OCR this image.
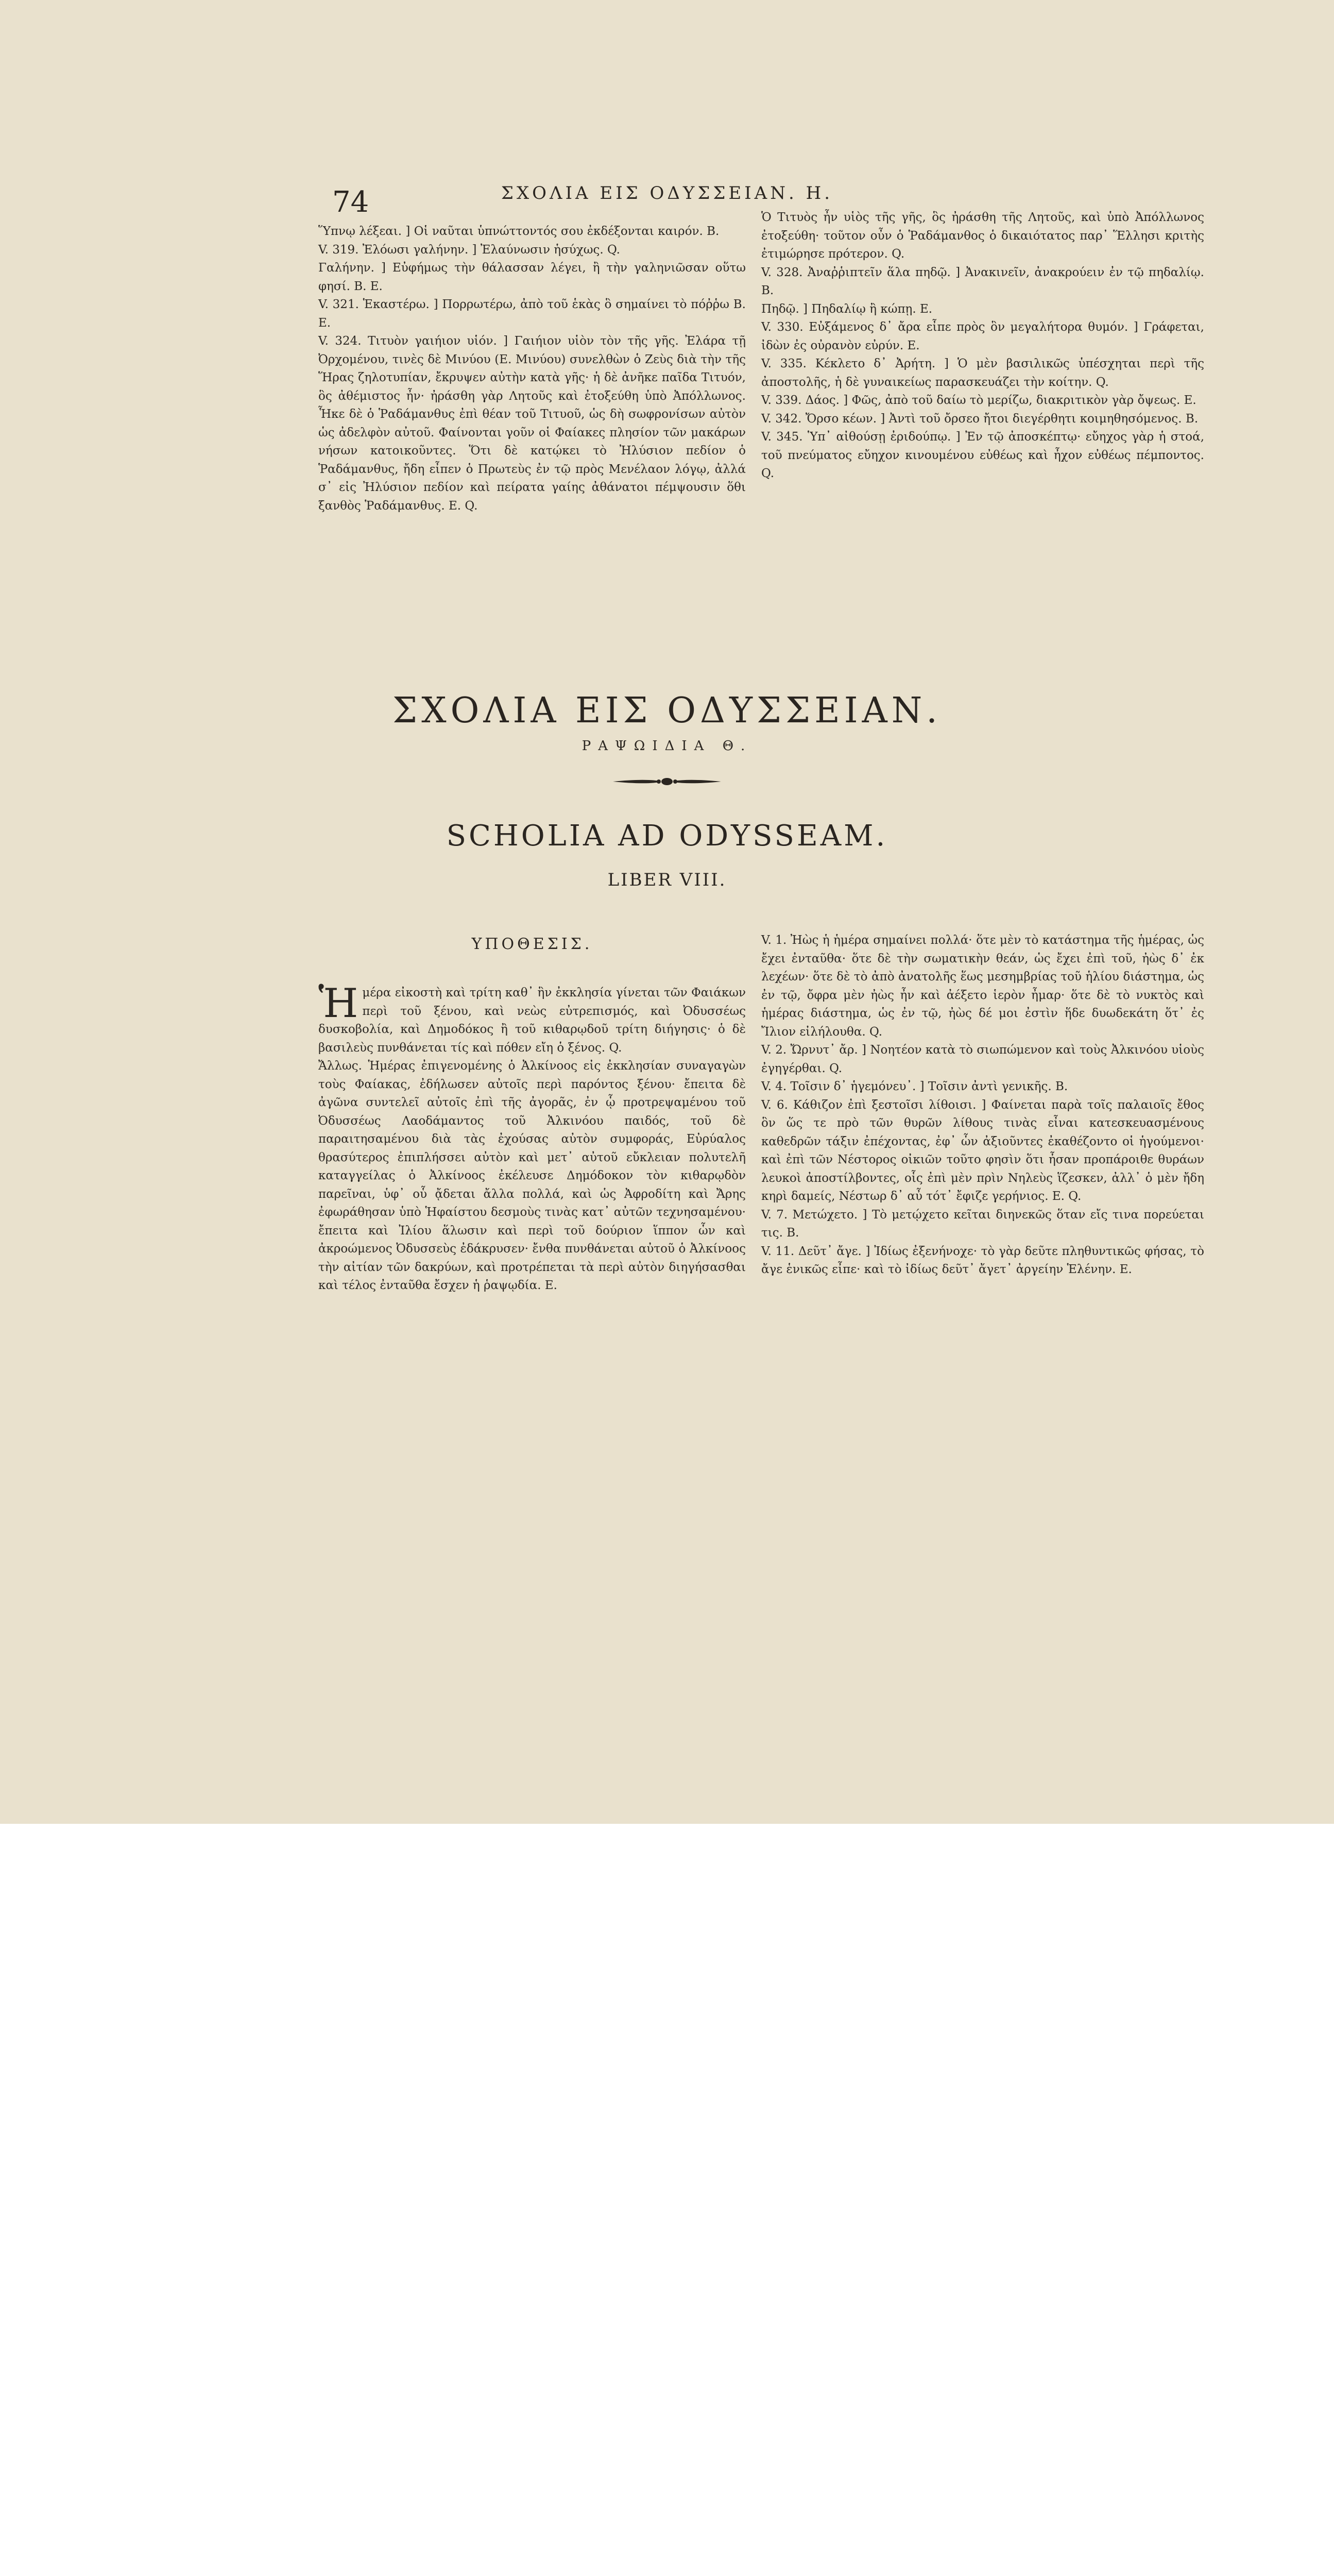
74	ΣΧΟΛΙΑ ΕΙΣ ΟΔΥΣΣΕΙΑΝ. Η.

Ὕπνῳ λέξεαι. ] Οἱ ναῦται ὑπνώττοντός σου ἐκδέξονται καιρόν. Β.

V. 319. Ἐλόωσι γαλήνην. ] Ἐλαύνωσιν ἡσύχως. Q.

Γαλήνην. ] Εὐφήμως τὴν θάλασσαν λέγει, ἢ τὴν γαληνιῶσαν οὕτω φησί. Β. Ε.

V. 321. Ἑκαστέρω. ] Πορρωτέρω, ἀπὸ τοῦ ἑκὰς ὃ σημαίνει τὸ πόῤῥω Β. Ε.

V. 324. Τιτυὸν γαιήιον υἱόν. ] Γαιήιον υἱὸν τὸν τῆς γῆς. Ἐλάρα τῇ Ὀρχομένου, τινὲς δὲ Μινύου (Ε. Μινύου) συνελθὼν ὁ Ζεὺς διὰ τὴν τῆς Ἥρας ζηλοτυπίαν, ἔκρυψεν αὐτὴν κατὰ γῆς· ἡ δὲ ἀνῆκε παῖδα Τιτυόν, ὃς ἀθέμιστος ἦν· ἠράσθη γὰρ Λητοῦς καὶ ἐτοξεύθη ὑπὸ Ἀπόλλωνος. Ἧκε δὲ ὁ Ῥαδάμανθυς ἐπὶ θέαν τοῦ Τιτυοῦ, ὡς δὴ σωφρονίσων αὐτὸν ὡς ἀδελφὸν αὐτοῦ. Φαίνονται γοῦν οἱ Φαίακες πλησίον τῶν μακάρων νήσων κατοικοῦντες. Ὅτι δὲ κατῴκει τὸ Ἠλύσιον πεδίον ὁ Ῥαδάμανθυς, ἤδη εἶπεν ὁ Πρωτεὺς ἐν τῷ πρὸς Μενέλαον λόγῳ, ἀλλά σ᾽ εἰς Ἠλύσιον πεδίον καὶ πείρατα γαίης ἀθάνατοι πέμψουσιν ὅθι ξανθὸς Ῥαδάμανθυς. Ε. Q.

Ὁ Τιτυὸς ἦν υἱὸς τῆς γῆς, ὃς ἠράσθη τῆς Λητοῦς, καὶ ὑπὸ Ἀπόλλωνος ἐτοξεύθη· τοῦτον οὖν ὁ Ῥαδάμανθος ὁ δικαιότατος παρ᾽ Ἕλλησι κριτὴς ἐτιμώρησε πρότερον. Q.

V. 328. Ἀναῤῥιπτεῖν ἅλα πηδῷ. ] Ἀνακινεῖν, ἀνακρούειν ἐν τῷ πηδαλίῳ. Β.

Πηδῷ. ] Πηδαλίῳ ἢ κώπῃ. Ε.

V. 330. Εὐξάμενος δ᾽ ἄρα εἶπε πρὸς ὃν μεγαλήτορα θυμόν. ] Γράφεται, ἰδὼν ἐς οὐρανὸν εὐρύν. Ε.

V. 335. Κέκλετο δ᾽ Ἀρήτη. ] Ὁ μὲν βασιλικῶς ὑπέσχηται περὶ τῆς ἀποστολῆς, ἡ δὲ γυναικείως παρασκευάζει τὴν κοίτην. Q.

V. 339. Δάος. ] Φῶς, ἀπὸ τοῦ δαίω τὸ μερίζω, διακριτικὸν γὰρ ὄψεως. Ε.

V. 342. Ὄρσο κέων. ] Ἀντὶ τοῦ ὄρσεο ἤτοι διεγέρθητι κοιμηθησόμενος. Β.

V. 345. Ὑπ᾽ αἰθούσῃ ἐριδούπῳ. ] Ἐν τῷ ἀποσκέπτῳ· εὔηχος γὰρ ἡ στοά, τοῦ πνεύματος εὔηχον κινουμένου εὐθέως καὶ ἦχον εὐθέως πέμποντος. Q.

ΣΧΟΛΙΑ ΕΙΣ ΟΔΥΣΣΕΙΑΝ.
ΡΑΨΩΙΔΙΑ Θ.
SCHOLIA AD ODYSSEAM.
LIBER VIII.
ΥΠΟΘΕΣΙΣ.

Ἡμέρα εἰκοστὴ καὶ τρίτη καθ᾽ ἣν ἐκκλησία γίνεται τῶν Φαιάκων περὶ τοῦ ξένου, καὶ νεὼς εὐτρεπισμός, καὶ Ὀδυσσέως δυσκοβολία, καὶ Δημοδόκος ἢ τοῦ κιθαρῳδοῦ τρίτη διήγησις· ὁ δὲ βασιλεὺς πυνθάνεται τίς καὶ πόθεν εἴη ὁ ξένος. Q.

Ἄλλως. Ἡμέρας ἐπιγενομένης ὁ Ἀλκίνοος εἰς ἐκκλησίαν συναγαγὼν τοὺς Φαίακας, ἐδήλωσεν αὐτοῖς περὶ παρόντος ξένου· ἔπειτα δὲ ἀγῶνα συντελεῖ αὐτοῖς ἐπὶ τῆς ἀγορᾶς, ἐν ᾧ προτρεψαμένου τοῦ Ὀδυσσέως Λαοδάμαντος τοῦ Ἀλκινόου παιδός, τοῦ δὲ παραιτησαμένου διὰ τὰς ἐχούσας αὐτὸν συμφοράς, Εὐρύαλος θρασύτερος ἐπιπλήσσει αὐτὸν καὶ μετ᾽ αὐτοῦ εὔκλειαν πολυτελῆ καταγγείλας ὁ Ἀλκίνοος ἐκέλευσε Δημόδοκον τὸν κιθαρῳδὸν παρεῖναι, ὑφ᾽ οὗ ᾄδεται ἄλλα πολλά, καὶ ὡς Ἀφροδίτη καὶ Ἄρης ἐφωράθησαν ὑπὸ Ἡφαίστου δεσμοὺς τινὰς κατ᾽ αὐτῶν τεχνησαμένου· ἔπειτα καὶ Ἰλίου ἅλωσιν καὶ περὶ τοῦ δούριον ἵππον ὧν καὶ ἀκροώμενος Ὀδυσσεὺς ἐδάκρυσεν· ἔνθα πυνθάνεται αὐτοῦ ὁ Ἀλκίνοος τὴν αἰτίαν τῶν δακρύων, καὶ προτρέπεται τὰ περὶ αὐτὸν διηγήσασθαι καὶ τέλος ἐνταῦθα ἔσχεν ἡ ῥαψῳδία. Ε.

V. 1. Ἠὼς ἡ ἡμέρα σημαίνει πολλά· ὅτε μὲν τὸ κατάστημα τῆς ἡμέρας, ὡς ἔχει ἐνταῦθα· ὅτε δὲ τὴν σωματικὴν θεάν, ὡς ἔχει ἐπὶ τοῦ, ἠὼς δ᾽ ἐκ λεχέων· ὅτε δὲ τὸ ἀπὸ ἀνατολῆς ἕως μεσημβρίας τοῦ ἡλίου διάστημα, ὡς ἐν τῷ, ὄφρα μὲν ἠὼς ἦν καὶ ἀέξετο ἱερὸν ἦμαρ· ὅτε δὲ τὸ νυκτὸς καὶ ἡμέρας διάστημα, ὡς ἐν τῷ, ἠὼς δέ μοι ἐστὶν ἥδε δυωδεκάτη ὅτ᾽ ἐς Ἴλιον εἰλήλουθα. Q.

V. 2. Ὤρνυτ᾽ ἄρ. ] Νοητέον κατὰ τὸ σιωπώμενον καὶ τοὺς Ἀλκινόου υἱοὺς ἐγηγέρθαι. Q.

V. 4. Τοῖσιν δ᾽ ἡγεμόνευ᾽. ] Τοῖσιν ἀντὶ γενικῆς. Β.

V. 6. Κάθιζον ἐπὶ ξεστοῖσι λίθοισι. ] Φαίνεται παρὰ τοῖς παλαιοῖς ἔθος ὃν ὥς τε πρὸ τῶν θυρῶν λίθους τινὰς εἶναι κατεσκευασμένους καθεδρῶν τάξιν ἐπέχοντας, ἐφ᾽ ὧν ἀξιοῦντες ἐκαθέζοντο οἱ ἡγούμενοι· καὶ ἐπὶ τῶν Νέστορος οἰκιῶν τοῦτο φησὶν ὅτι ἦσαν προπάροιθε θυράων λευκοὶ ἀποστίλβοντες, οἷς ἐπὶ μὲν πρὶν Νηλεὺς ἵζεσκεν, ἀλλ᾽ ὁ μὲν ἤδη κηρὶ δαμείς, Νέστωρ δ᾽ αὖ τότ᾽ ἔφιζε γερήνιος. Ε. Q.

V. 7. Μετώχετο. ] Τὸ μετῴχετο κεῖται διηνεκῶς ὅταν εἴς τινα πορεύεται τις. Β.

V. 11. Δεῦτ᾽ ἄγε. ] Ἰδίως ἐξενήνοχε· τὸ γὰρ δεῦτε πληθυντικῶς φήσας, τὸ ἄγε ἑνικῶς εἶπε· καὶ τὸ ἰδίως δεῦτ᾽ ἄγετ᾽ ἀργείην Ἑλένην. Ε.
